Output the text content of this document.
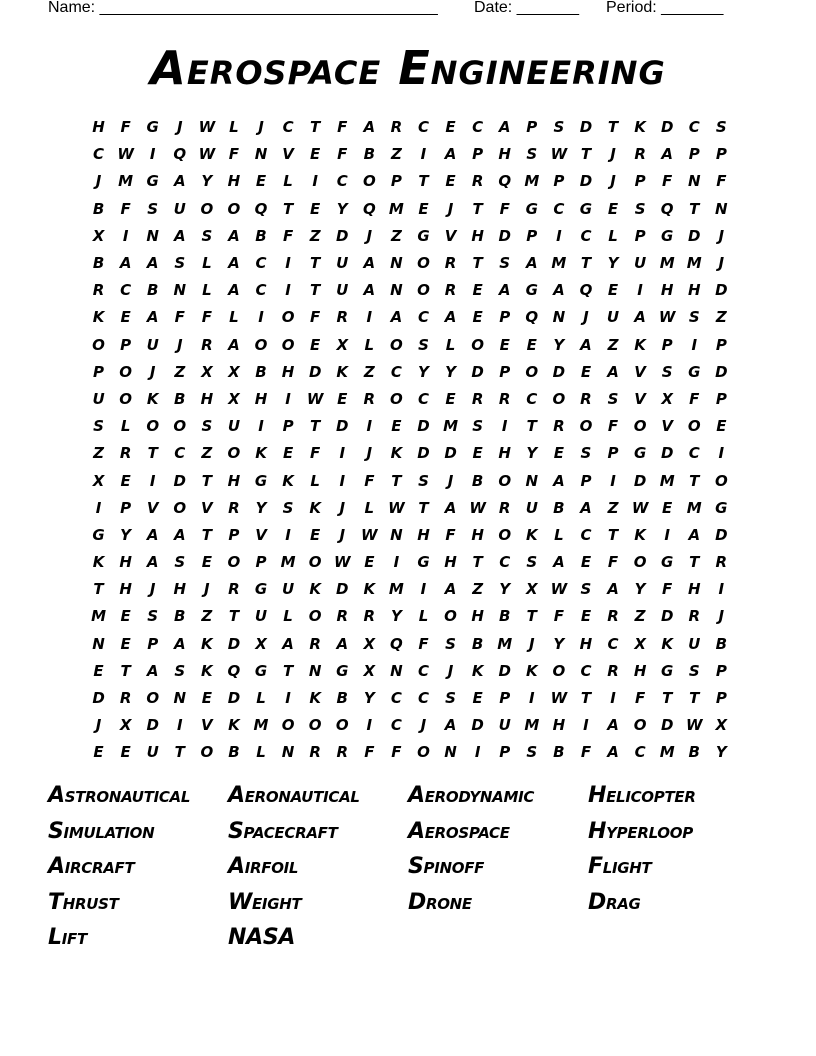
Name: ______________________________________ Date: _______ Period: _______
Aerospace Engineering
H	F	G	J	W L	J	C	T	F	A	R	C	E	C	A	P	S	D	T	K	D	C	S
C W	I	Q W F	N	V	E	F	B	Z	I	A	P	H	S W T	J	R	A	P	P
J	M G	A	Y	H	E	L	I	C	O	P	T	E	R Q M P	D	J	P	F	N	F
B	F	S	U O O Q	T	E	Y	Q M E	J	T	F	G	C	G	E	S	Q	T	N
X	I	N	A	S	A	B	F	Z	D	J	Z	G	V H D	P	I	C	L	P	G D	J
B	A	A	S	L	A	C	I	T	U	A N O R	T	S	A M T	Y	U M M	J
R	C	B	N	L	A	C	I	T	U	A N O R	E	A	G	A Q	E	I	H H D
K	E	A	F	F	L	I	O	F	R	I	A	C	A	E	P	Q N	J	U	A W S	Z
O	P	U	J	R	A O O	E	X	L	O	S	L	O	E	E	Y	A	Z	K	P	I	P
P	O	J	Z	X	X	B	H D	K	Z	C	Y	Y	D	P	O D	E	A	V	S	G D
U O K	B	H	X	H	I	W E	R O	C	E	R	R	C	O R	S	V	X	F	P
S	L	O O	S	U	I	P	T	D	I	E	D M S	I	T	R O	F	O V O	E
Z	R	T	C	Z	O K	E	F	I	J	K	D D	E	H	Y	E	S	P	G D	C	I
X	E	I	D	T	H G	K	L	I	F	T	S	J	B O N	A	P	I	D M T	O
I	P	V O V	R	Y	S	K	J	L W T	A W R	U	B	A	Z W E M G
G	Y	A	A	T	P	V	I	E	J	W N H	F	H O K	L	C	T	K	I	A	D
K H	A	S	E	O	P M O W E	I	G H	T	C	S	A	E	F	O G	T	R
T	H	J	H	J	R	G U	K	D	K M	I	A	Z	Y	X W S	A	Y	F	H	I
M E	S	B	Z	T	U	L	O R	R	Y	L	O H	B	T	F	E	R	Z	D	R	J
N	E	P	A	K	D	X	A	R	A	X Q	F	S	B M	J	Y	H	C	X	K	U	B
E	T	A	S	K Q G	T	N G	X	N	C	J	K	D	K O	C	R	H G	S	P
D	R O N	E	D	L	I	K	B	Y	C	C	S	E	P	I	W T	I	F	T	T	P
J	X	D	I	V	K M O O O	I	C	J	A	D U M H	I	A O D W X
E	E	U	T	O B	L	N	R	R	F	F	O N	I	P	S	B	F	A	C M B	Y
Astronautical	Aeronautical	Aerodynamic	Helicopter
Simulation	Spacecraft	Aerospace	Hyperloop
Aircraft	Airfoil	Spinoff	Flight
Thrust	Weight	Drone	Drag
Lift	NASA
